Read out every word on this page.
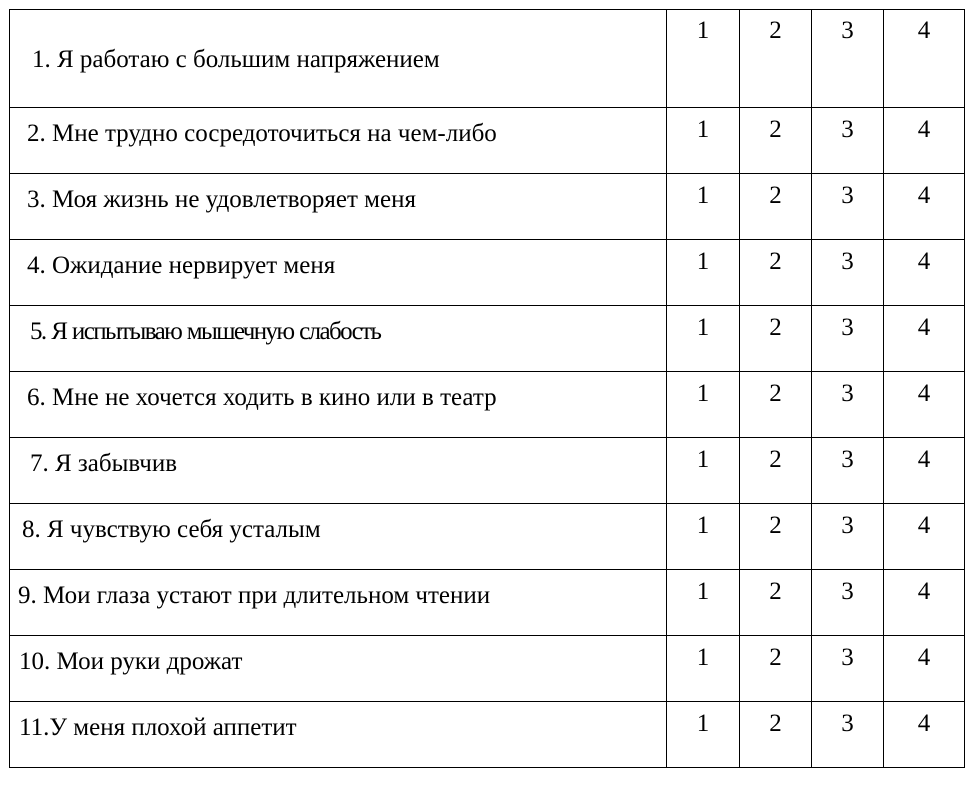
1. Я работаю с большим напряжением	1	2	3	4

2. Мне трудно сосредоточиться на чем-либо	1	2	3	4

3. Моя жизнь не удовлетворяет меня	1	2	3	4

4. Ожидание нервирует меня	1	2	3	4

5. Я испытываю мышечную слабость	1	2	3	4

6. Мне не хочется ходить в кино или в театр	1	2	3	4

7. Я забывчив	1	2	3	4

8. Я чувствую себя усталым	1	2	3	4

9. Мои глаза устают при длительном чтении	1	2	3	4

10. Мои руки дрожат	1	2	3	4

11.У меня плохой аппетит	1	2	3	4
